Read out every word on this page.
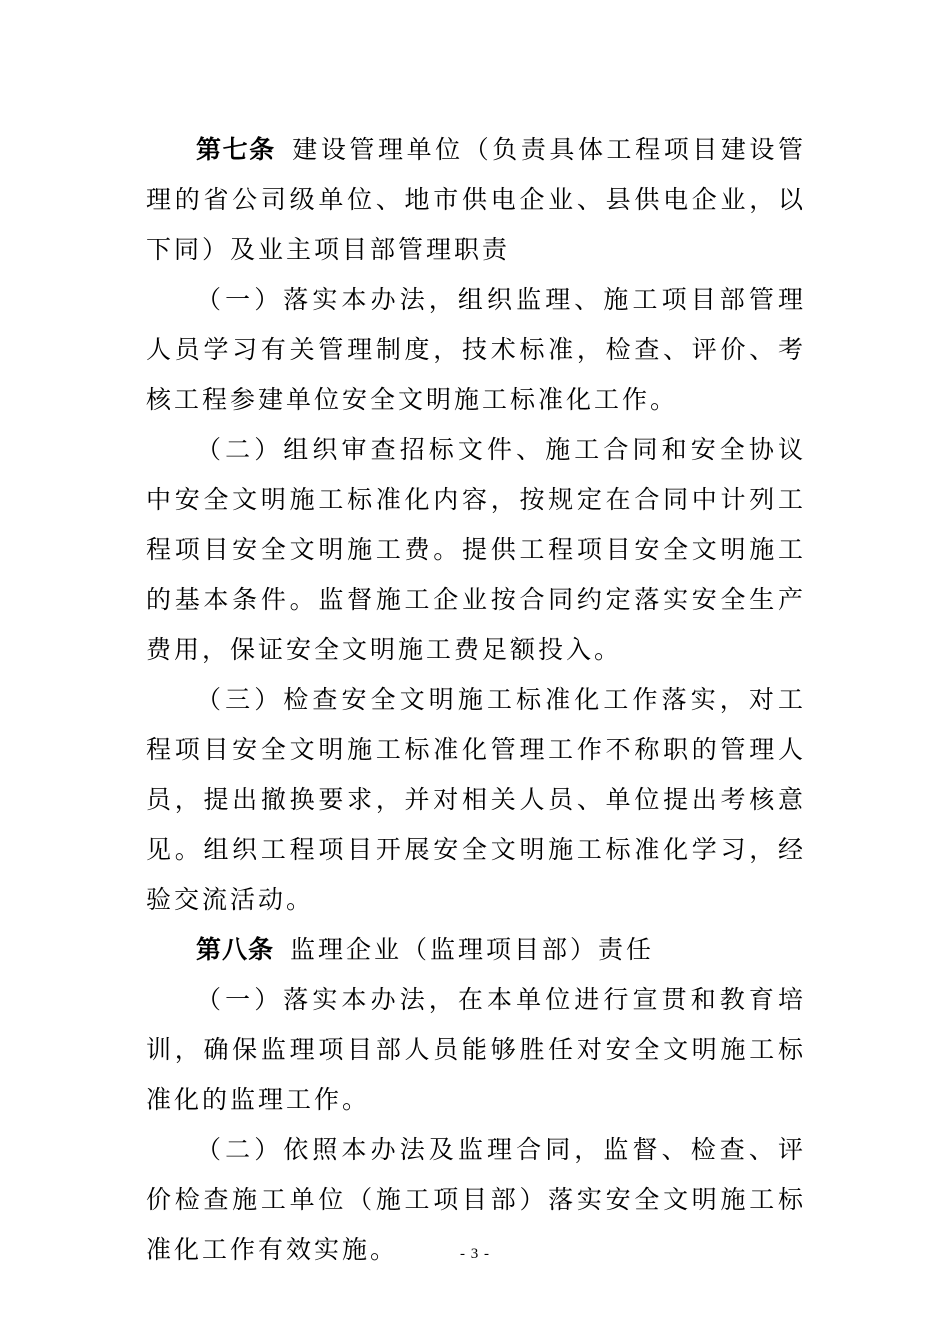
第七条 建设管理单位（负责具体工程项目建设管理的省公司级单位、地市供电企业、县供电企业，以下同）及业主项目部管理职责

（一）落实本办法，组织监理、施工项目部管理人员学习有关管理制度，技术标准，检查、评价、考核工程参建单位安全文明施工标准化工作。

（二）组织审查招标文件、施工合同和安全协议中安全文明施工标准化内容，按规定在合同中计列工程项目安全文明施工费。提供工程项目安全文明施工的基本条件。监督施工企业按合同约定落实安全生产费用，保证安全文明施工费足额投入。

（三）检查安全文明施工标准化工作落实，对工程项目安全文明施工标准化管理工作不称职的管理人员，提出撤换要求，并对相关人员、单位提出考核意见。组织工程项目开展安全文明施工标准化学习，经验交流活动。

第八条 监理企业（监理项目部）责任

（一）落实本办法，在本单位进行宣贯和教育培训，确保监理项目部人员能够胜任对安全文明施工标准化的监理工作。

（二）依照本办法及监理合同，监督、检查、评价检查施工单位（施工项目部）落实安全文明施工标准化工作有效实施。	- 3 -
